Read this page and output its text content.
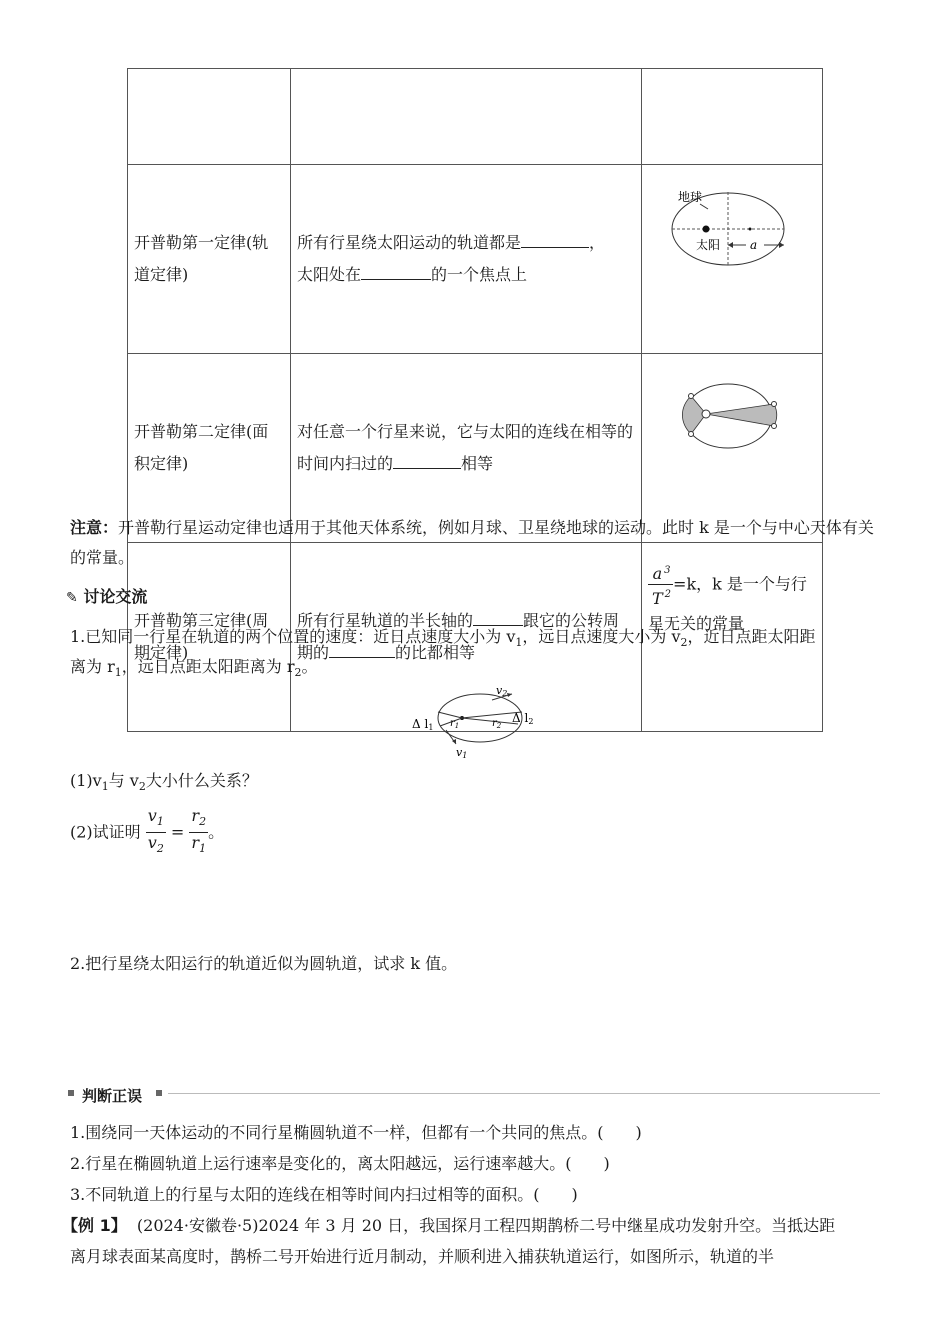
开普勒第一定律(轨道定律)	所有行星绕太阳运动的轨道都是 ，
太阳处在 的一个焦点上	地球
太阳 a

开普勒第二定律(面积定律)	对任意一个行星来说，它与太阳的连线在相等的时间内扫过的 相等	
开普勒第三定律(周期定律)	所有行星轨道的半长轴的 跟它的公转周期的 的比都相等	$\frac{a ^3}{T ^2} =k$，k 是一个与行星无关的常量
注意：开普勒行星运动定律也适用于其他天体系统，例如月球、卫星绕地球的运动。此时 k 是一个与中心天体有关的常量。
✎ 讨论交流
1.已知同一行星在轨道的两个位置的速度：近日点速度大小为 $v_1$，远日点速度大小为 $v_2$，近日点距太阳距
离为 $r_1$，远日点距太阳距离为 $r_2$。
v2
Δ l2
Δ l1 $r_1$	$r_2$
v1
$(1)v_1$与 $v_2$大小什么关系？
(2)试证明 $\frac{v_1}{v_2} = \frac{r_2}{r_1}$ 。
2.把行星绕太阳运行的轨道近似为圆轨道，试求 k 值。
判断正误
1.围绕同一天体运动的不同行星椭圆轨道不一样，但都有一个共同的焦点。(　　)
2.行星在椭圆轨道上运行速率是变化的，离太阳越远，运行速率越大。(　　)
3.不同轨道上的行星与太阳的连线在相等时间内扫过相等的面积。(　　)
【例 1】 (2024·安徽卷·5)2024 年 3 月 20 日，我国探月工程四期鹊桥二号中继星成功发射升空。当抵达距
离月球表面某高度时，鹊桥二号开始进行近月制动，并顺利进入捕获轨道运行，如图所示，轨道的半
